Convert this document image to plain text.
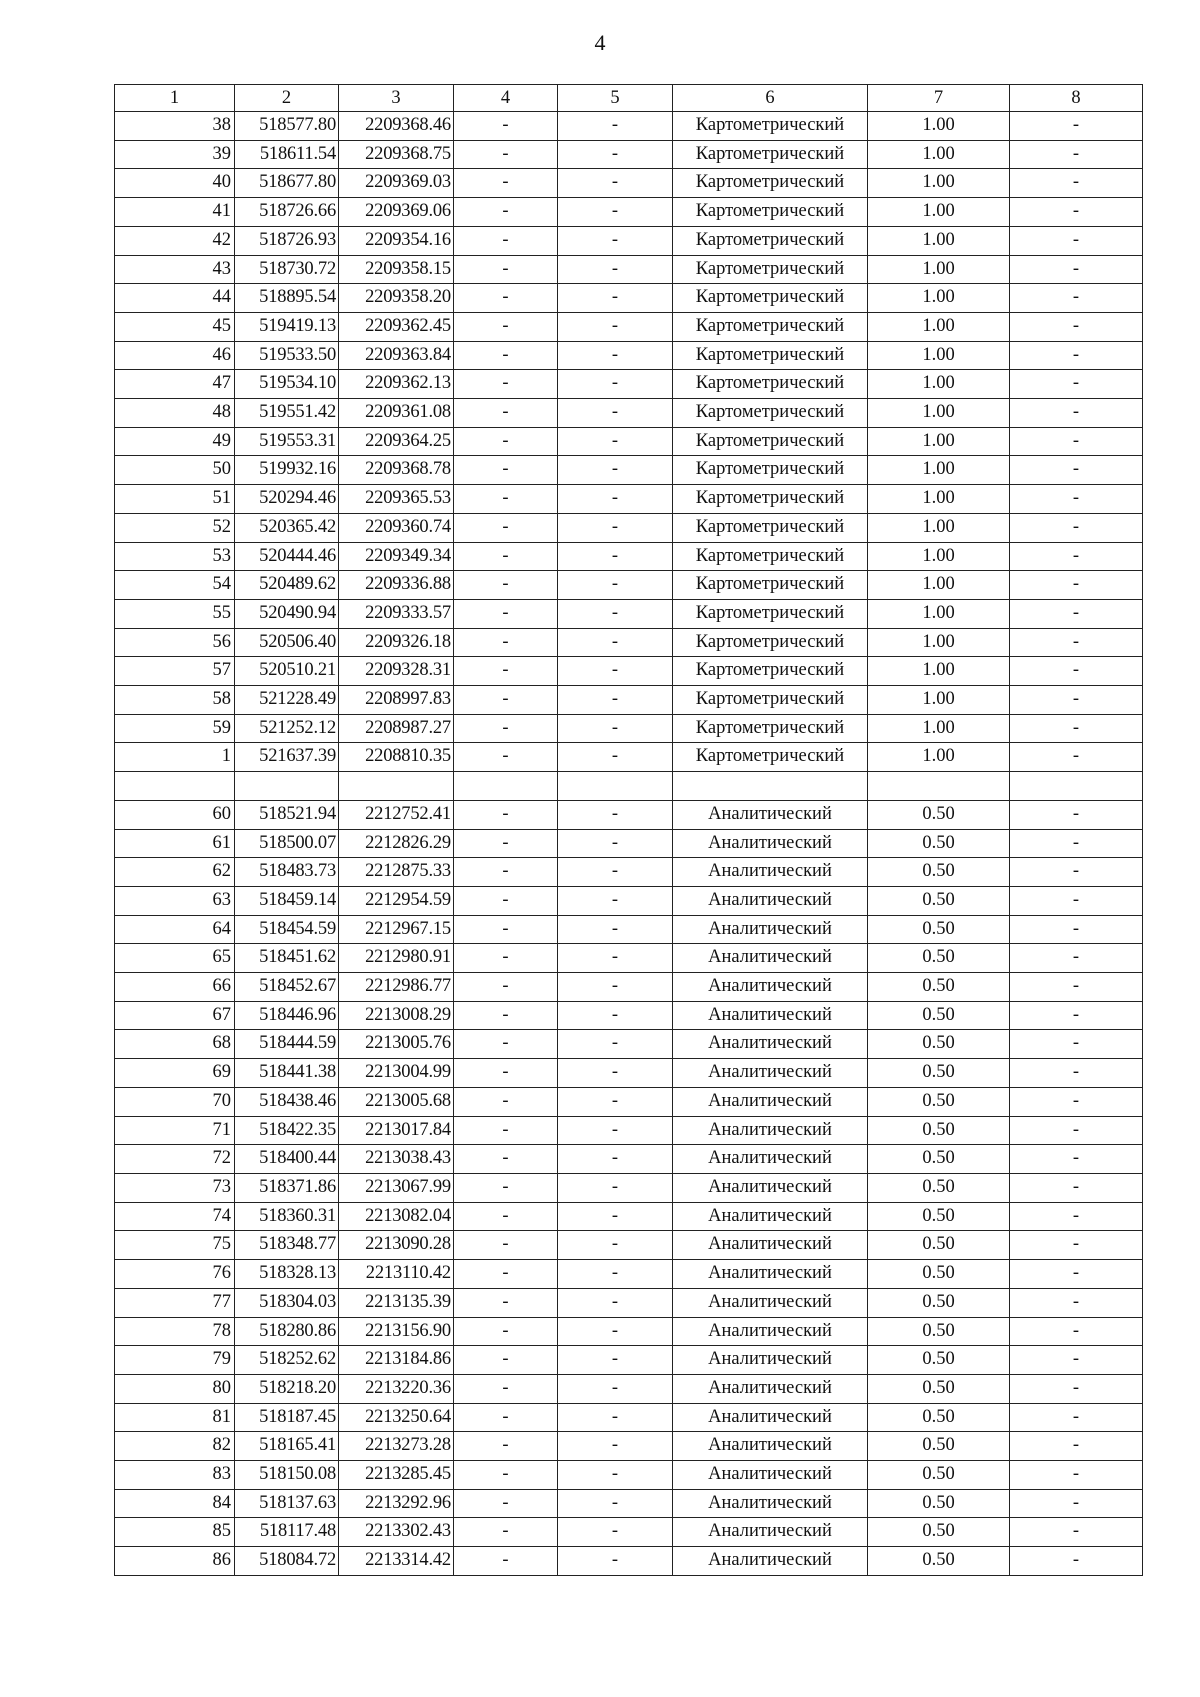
4
1	2	3	4	5	6	7	8
38	518577.80	2209368.46	-	-	Картометрический	1.00	-
39	518611.54	2209368.75	-	-	Картометрический	1.00	-
40	518677.80	2209369.03	-	-	Картометрический	1.00	-
41	518726.66	2209369.06	-	-	Картометрический	1.00	-
42	518726.93	2209354.16	-	-	Картометрический	1.00	-
43	518730.72	2209358.15	-	-	Картометрический	1.00	-
44	518895.54	2209358.20	-	-	Картометрический	1.00	-
45	519419.13	2209362.45	-	-	Картометрический	1.00	-
46	519533.50	2209363.84	-	-	Картометрический	1.00	-
47	519534.10	2209362.13	-	-	Картометрический	1.00	-
48	519551.42	2209361.08	-	-	Картометрический	1.00	-
49	519553.31	2209364.25	-	-	Картометрический	1.00	-
50	519932.16	2209368.78	-	-	Картометрический	1.00	-
51	520294.46	2209365.53	-	-	Картометрический	1.00	-
52	520365.42	2209360.74	-	-	Картометрический	1.00	-
53	520444.46	2209349.34	-	-	Картометрический	1.00	-
54	520489.62	2209336.88	-	-	Картометрический	1.00	-
55	520490.94	2209333.57	-	-	Картометрический	1.00	-
56	520506.40	2209326.18	-	-	Картометрический	1.00	-
57	520510.21	2209328.31	-	-	Картометрический	1.00	-
58	521228.49	2208997.83	-	-	Картометрический	1.00	-
59	521252.12	2208987.27	-	-	Картометрический	1.00	-
1	521637.39	2208810.35	-	-	Картометрический	1.00	-

60	518521.94	2212752.41	-	-	Аналитический	0.50	-
61	518500.07	2212826.29	-	-	Аналитический	0.50	-
62	518483.73	2212875.33	-	-	Аналитический	0.50	-
63	518459.14	2212954.59	-	-	Аналитический	0.50	-
64	518454.59	2212967.15	-	-	Аналитический	0.50	-
65	518451.62	2212980.91	-	-	Аналитический	0.50	-
66	518452.67	2212986.77	-	-	Аналитический	0.50	-
67	518446.96	2213008.29	-	-	Аналитический	0.50	-
68	518444.59	2213005.76	-	-	Аналитический	0.50	-
69	518441.38	2213004.99	-	-	Аналитический	0.50	-
70	518438.46	2213005.68	-	-	Аналитический	0.50	-
71	518422.35	2213017.84	-	-	Аналитический	0.50	-
72	518400.44	2213038.43	-	-	Аналитический	0.50	-
73	518371.86	2213067.99	-	-	Аналитический	0.50	-
74	518360.31	2213082.04	-	-	Аналитический	0.50	-
75	518348.77	2213090.28	-	-	Аналитический	0.50	-
76	518328.13	2213110.42	-	-	Аналитический	0.50	-
77	518304.03	2213135.39	-	-	Аналитический	0.50	-
78	518280.86	2213156.90	-	-	Аналитический	0.50	-
79	518252.62	2213184.86	-	-	Аналитический	0.50	-
80	518218.20	2213220.36	-	-	Аналитический	0.50	-
81	518187.45	2213250.64	-	-	Аналитический	0.50	-
82	518165.41	2213273.28	-	-	Аналитический	0.50	-
83	518150.08	2213285.45	-	-	Аналитический	0.50	-
84	518137.63	2213292.96	-	-	Аналитический	0.50	-
85	518117.48	2213302.43	-	-	Аналитический	0.50	-
86	518084.72	2213314.42	-	-	Аналитический	0.50	-
